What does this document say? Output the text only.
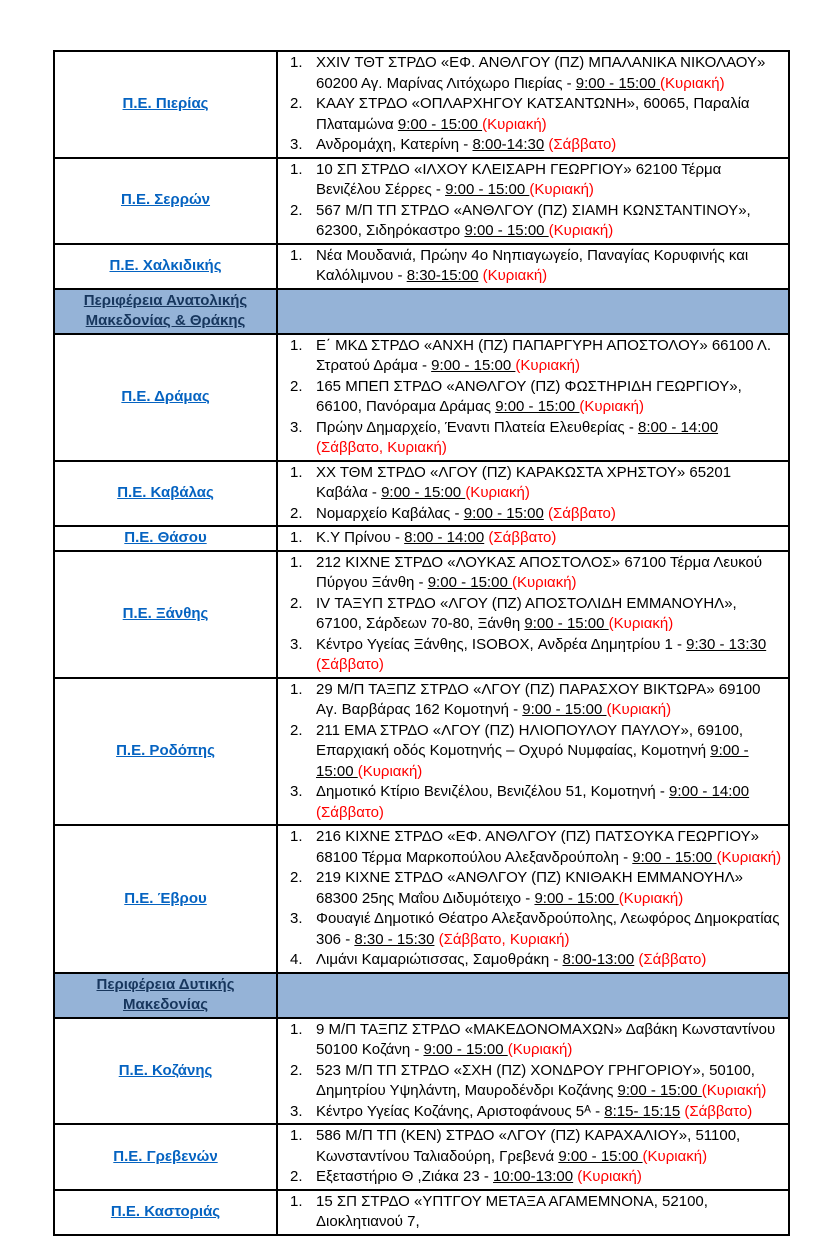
Π.Ε. Πιερίας	
1. XXIV ΤΘΤ ΣΤΡΔΟ «ΕΦ. ΑΝΘΛΓΟΥ (ΠΖ) ΜΠΑΛΑΝΙΚΑ ΝΙΚΟΛΑΟΥ» 60200 Αγ. Μαρίνας Λιτόχωρο Πιερίας - 9:00 - 15:00 (Κυριακή)
2. ΚΑΑΥ ΣΤΡΔΟ «ΟΠΛΑΡΧΗΓΟΥ ΚΑΤΣΑΝΤΩΝΗ», 60065, Παραλία Πλαταμώνα 9:00 - 15:00 (Κυριακή)
3. Ανδρομάχη, Κατερίνη - 8:00-14:30 (Σάββατο)

Π.Ε. Σερρών	1. 10 ΣΠ ΣΤΡΔΟ «ΙΛΧΟΥ ΚΛΕΙΣΑΡΗ ΓΕΩΡΓΙΟΥ» 62100 Τέρμα Βενιζέλου Σέρρες - 9:00 - 15:00 (Κυριακή)
2. 567 Μ/Π ΤΠ ΣΤΡΔΟ «ΑΝΘΛΓΟΥ (ΠΖ) ΣΙΑΜΗ ΚΩΝΣΤΑΝΤΙΝΟΥ», 62300, Σιδηρόκαστρο 9:00 - 15:00 (Κυριακή)

Π.Ε. Χαλκιδικής	1. Νέα Μουδανιά, Πρώην 4ο Νηπιαγωγείο, Παναγίας Κορυφινής και Καλόλιμνου - 8:30-15:00 (Κυριακή)

Περιφέρεια Ανατολικής Μακεδονίας & Θράκης	
Π.Ε. Δράμας	
1. Ε΄ ΜΚΔ ΣΤΡΔΟ «ΑΝΧΗ (ΠΖ) ΠΑΠΑΡΓΥΡΗ ΑΠΟΣΤΟΛΟΥ» 66100 Λ. Στρατού Δράμα - 9:00 - 15:00 (Κυριακή)
2. 165 ΜΠΕΠ ΣΤΡΔΟ «ΑΝΘΛΓΟΥ (ΠΖ) ΦΩΣΤΗΡΙΔΗ ΓΕΩΡΓΙΟΥ», 66100, Πανόραμα Δράμας 9:00 - 15:00 (Κυριακή)
3. Πρώην Δημαρχείο, Έναντι Πλατεία Ελευθερίας - 8:00 - 14:00 (Σάββατο, Κυριακή)

Π.Ε. Καβάλας	1. ΧΧ ΤΘΜ ΣΤΡΔΟ «ΛΓΟΥ (ΠΖ) ΚΑΡΑΚΩΣΤΑ ΧΡΗΣΤΟΥ» 65201 Καβάλα - 9:00 - 15:00 (Κυριακή)
2. Νομαρχείο Καβάλας - 9:00 - 15:00 (Σάββατο)

Π.Ε. Θάσου	1. Κ.Υ Πρίνου - 8:00 - 14:00 (Σάββατο)

Π.Ε. Ξάνθης	
1. 212 ΚΙΧΝΕ ΣΤΡΔΟ «ΛΟΥΚΑΣ ΑΠΟΣΤΟΛΟΣ» 67100 Τέρμα Λευκού Πύργου Ξάνθη - 9:00 - 15:00 (Κυριακή)
2. IV ΤΑΞΥΠ ΣΤΡΔΟ «ΛΓΟΥ (ΠΖ) ΑΠΟΣΤΟΛΙΔΗ ΕΜΜΑΝΟΥΗΛ», 67100, Σάρδεων 70-80, Ξάνθη 9:00 - 15:00 (Κυριακή)
3. Κέντρο Υγείας Ξάνθης, ISOBOX, Ανδρέα Δημητρίου 1 - 9:30 - 13:30 (Σάββατο)

Π.Ε. Ροδόπης	
1. 29 Μ/Π ΤΑΞΠΖ ΣΤΡΔΟ «ΛΓΟΥ (ΠΖ) ΠΑΡΑΣΧΟΥ ΒΙΚΤΩΡΑ» 69100 Αγ. Βαρβάρας 162 Κομοτηνή - 9:00 - 15:00 (Κυριακή)
2. 211 ΕΜΑ ΣΤΡΔΟ «ΛΓΟΥ (ΠΖ) ΗΛΙΟΠΟΥΛΟΥ ΠΑΥΛΟΥ», 69100, Επαρχιακή οδός Κομοτηνής – Οχυρό Νυμφαίας, Κομοτηνή 9:00 - 15:00 (Κυριακή)
3. Δημοτικό Κτίριο Βενιζέλου, Βενιζέλου 51, Κομοτηνή - 9:00 - 14:00 (Σάββατο)

Π.Ε. Έβρου	
1. 216 ΚΙΧΝΕ ΣΤΡΔΟ «ΕΦ. ΑΝΘΛΓΟΥ (ΠΖ) ΠΑΤΣΟΥΚΑ ΓΕΩΡΓΙΟΥ» 68100 Τέρμα Μαρκοπούλου Αλεξανδρούπολη - 9:00 - 15:00 (Κυριακή)
2. 219 ΚΙΧΝΕ ΣΤΡΔΟ «ΑΝΘΛΓΟΥ (ΠΖ) ΚΝΙΘΑΚΗ ΕΜΜΑΝΟΥΗΛ» 68300 25ης Μαΐου Διδυμότειχο - 9:00 - 15:00 (Κυριακή)
3. Φουαγιέ Δημοτικό Θέατρο Αλεξανδρούπολης, Λεωφόρος Δημοκρατίας 306 - 8:30 - 15:30 (Σάββατο, Κυριακή)
4. Λιμάνι Καμαριώτισσας, Σαμοθράκη - 8:00-13:00 (Σάββατο)

Περιφέρεια Δυτικής Μακεδονίας	
Π.Ε. Κοζάνης	
1. 9 Μ/Π ΤΑΞΠΖ ΣΤΡΔΟ «ΜΑΚΕΔΟΝΟΜΑΧΩΝ» Δαβάκη Κωνσταντίνου 50100 Κοζάνη - 9:00 - 15:00 (Κυριακή)
2. 523 Μ/Π ΤΠ ΣΤΡΔΟ «ΣΧΗ (ΠΖ) ΧΟΝΔΡΟΥ ΓΡΗΓΟΡΙΟΥ», 50100, Δημητρίου Υψηλάντη, Μαυροδένδρι Κοζάνης 9:00 - 15:00 (Κυριακή)
3. Κέντρο Υγείας Κοζάνης, Αριστοφάνους 5ᴬ - 8:15- 15:15 (Σάββατο)

Π.Ε. Γρεβενών	1. 586 Μ/Π ΤΠ (ΚΕΝ) ΣΤΡΔΟ «ΛΓΟΥ (ΠΖ) ΚΑΡΑΧΑΛΙΟΥ», 51100, Κωνσταντίνου Ταλιαδούρη, Γρεβενά 9:00 - 15:00 (Κυριακή)
2. Εξεταστήριο Θ ,Ζιάκα 23 - 10:00-13:00 (Κυριακή)

Π.Ε. Καστοριάς	1. 15 ΣΠ ΣΤΡΔΟ «ΥΠΤΓΟΥ ΜΕΤΑΞΑ ΑΓΑΜΕΜΝΟΝΑ, 52100, Διοκλητιανού 7,
